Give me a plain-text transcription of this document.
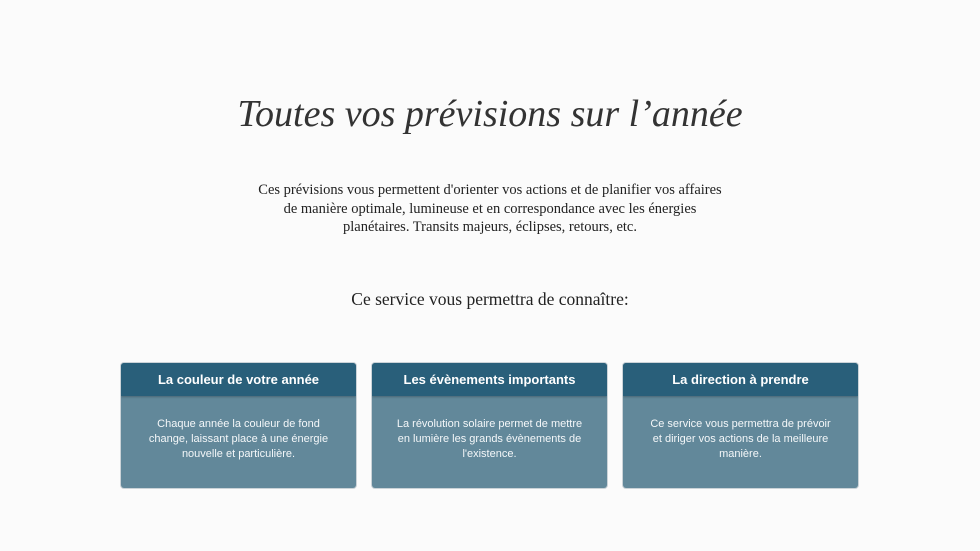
Toutes vos prévisions sur l’année

Ces prévisions vous permettent d'orienter vos actions et de planifier vos affaires de manière optimale, lumineuse et en correspondance avec les énergies planétaires. Transits majeurs, éclipses, retours, etc.

Ce service vous permettra de connaître:

La couleur de votre année
Chaque année la couleur de fond change, laissant place à une énergie nouvelle et particulière.
Les évènements importants
La révolution solaire permet de mettre en lumière les grands évènements de l'existence.
La direction à prendre
Ce service vous permettra de prévoir et diriger vos actions de la meilleure manière.
